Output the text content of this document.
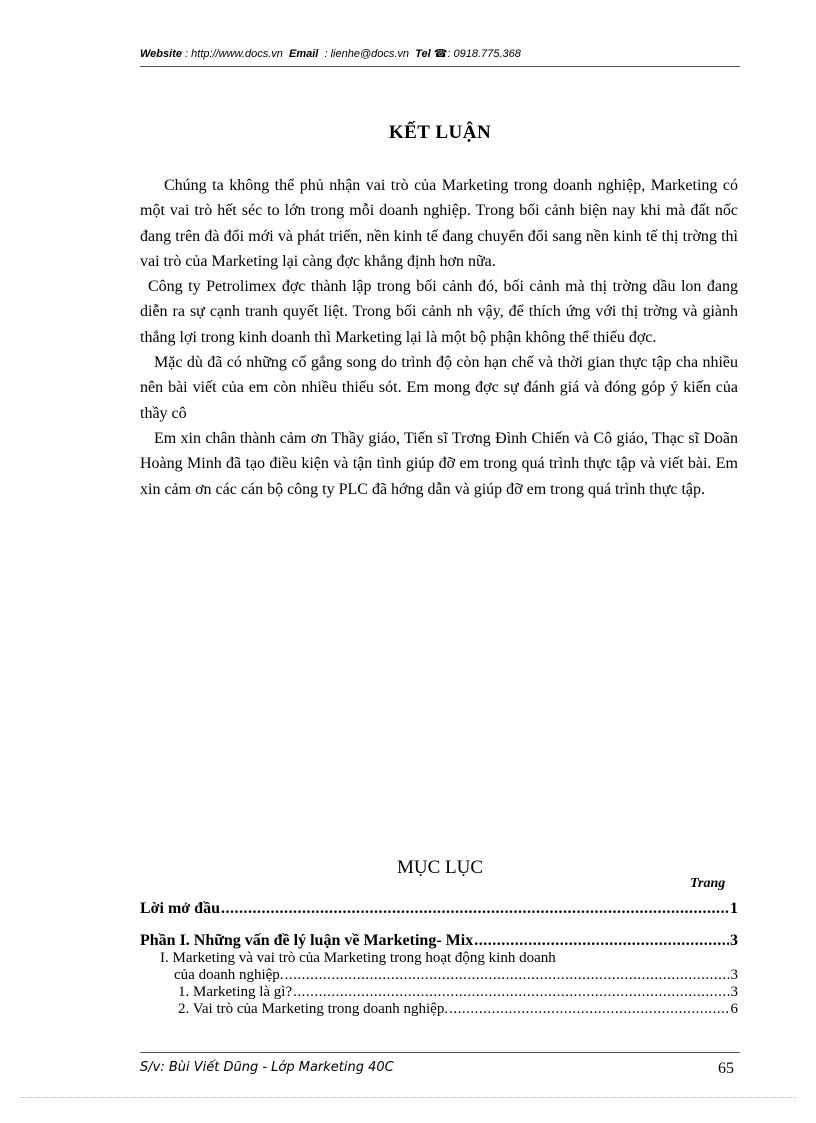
Website : http://www.docs.vn Email : lienhe@docs.vn Tel ☎: 0918.775.368
KẾT LUẬN

Chúng ta không thể phủ nhận vai trò của Marketing trong doanh nghiệp, Marketing có một vai trò hết séc to lớn trong mỗi doanh nghiệp. Trong bối cảnh biện nay khi mà đất nốc đang trên đà đổi mới và phát triển, nền kinh tế đang chuyển đổi sang nền kinh tế thị trờng thì vai trò của Marketing lại càng đợc khẳng định hơn nữa.

Công ty Petrolimex đợc thành lập trong bối cảnh đó, bối cảnh mà thị trờng dầu lon đang diễn ra sự cạnh tranh quyết liệt. Trong bối cảnh nh vậy, để thích ứng với thị trờng và giành thắng lợi trong kinh doanh thì Marketing lại là một bộ phận không thể thiếu đợc.

Mặc dù đã có những cố gắng song do trình độ còn hạn chế và thời gian thực tập cha nhiều nên bài viết của em còn nhiều thiếu sót. Em mong đợc sự đánh giá và đóng góp ý kiến của thầy cô

Em xin chân thành cảm ơn Thầy giáo, Tiến sĩ Trơng Đình Chiến và Cô giáo, Thạc sĩ Doãn Hoàng Minh đã tạo điều kiện và tận tình giúp đỡ em trong quá trình thực tập và viết bài. Em xin cảm ơn các cán bộ công ty PLC đã hớng dẫn và giúp đỡ em trong quá trình thực tập.

MỤC LỤC
Trang
Lời mở đầu .....	1
Phần I. Những vấn đề lý luận về Marketing- Mix .....	3
I. Marketing và vai trò của Marketing trong hoạt động kinh doanh
của doanh nghiệp. .....	3
1. Marketing là gì? .....	3
2. Vai trò của Marketing trong doanh nghiệp. .....	6
S/v: Bùi Viết Dũng - Lớp Marketing 40C	65
